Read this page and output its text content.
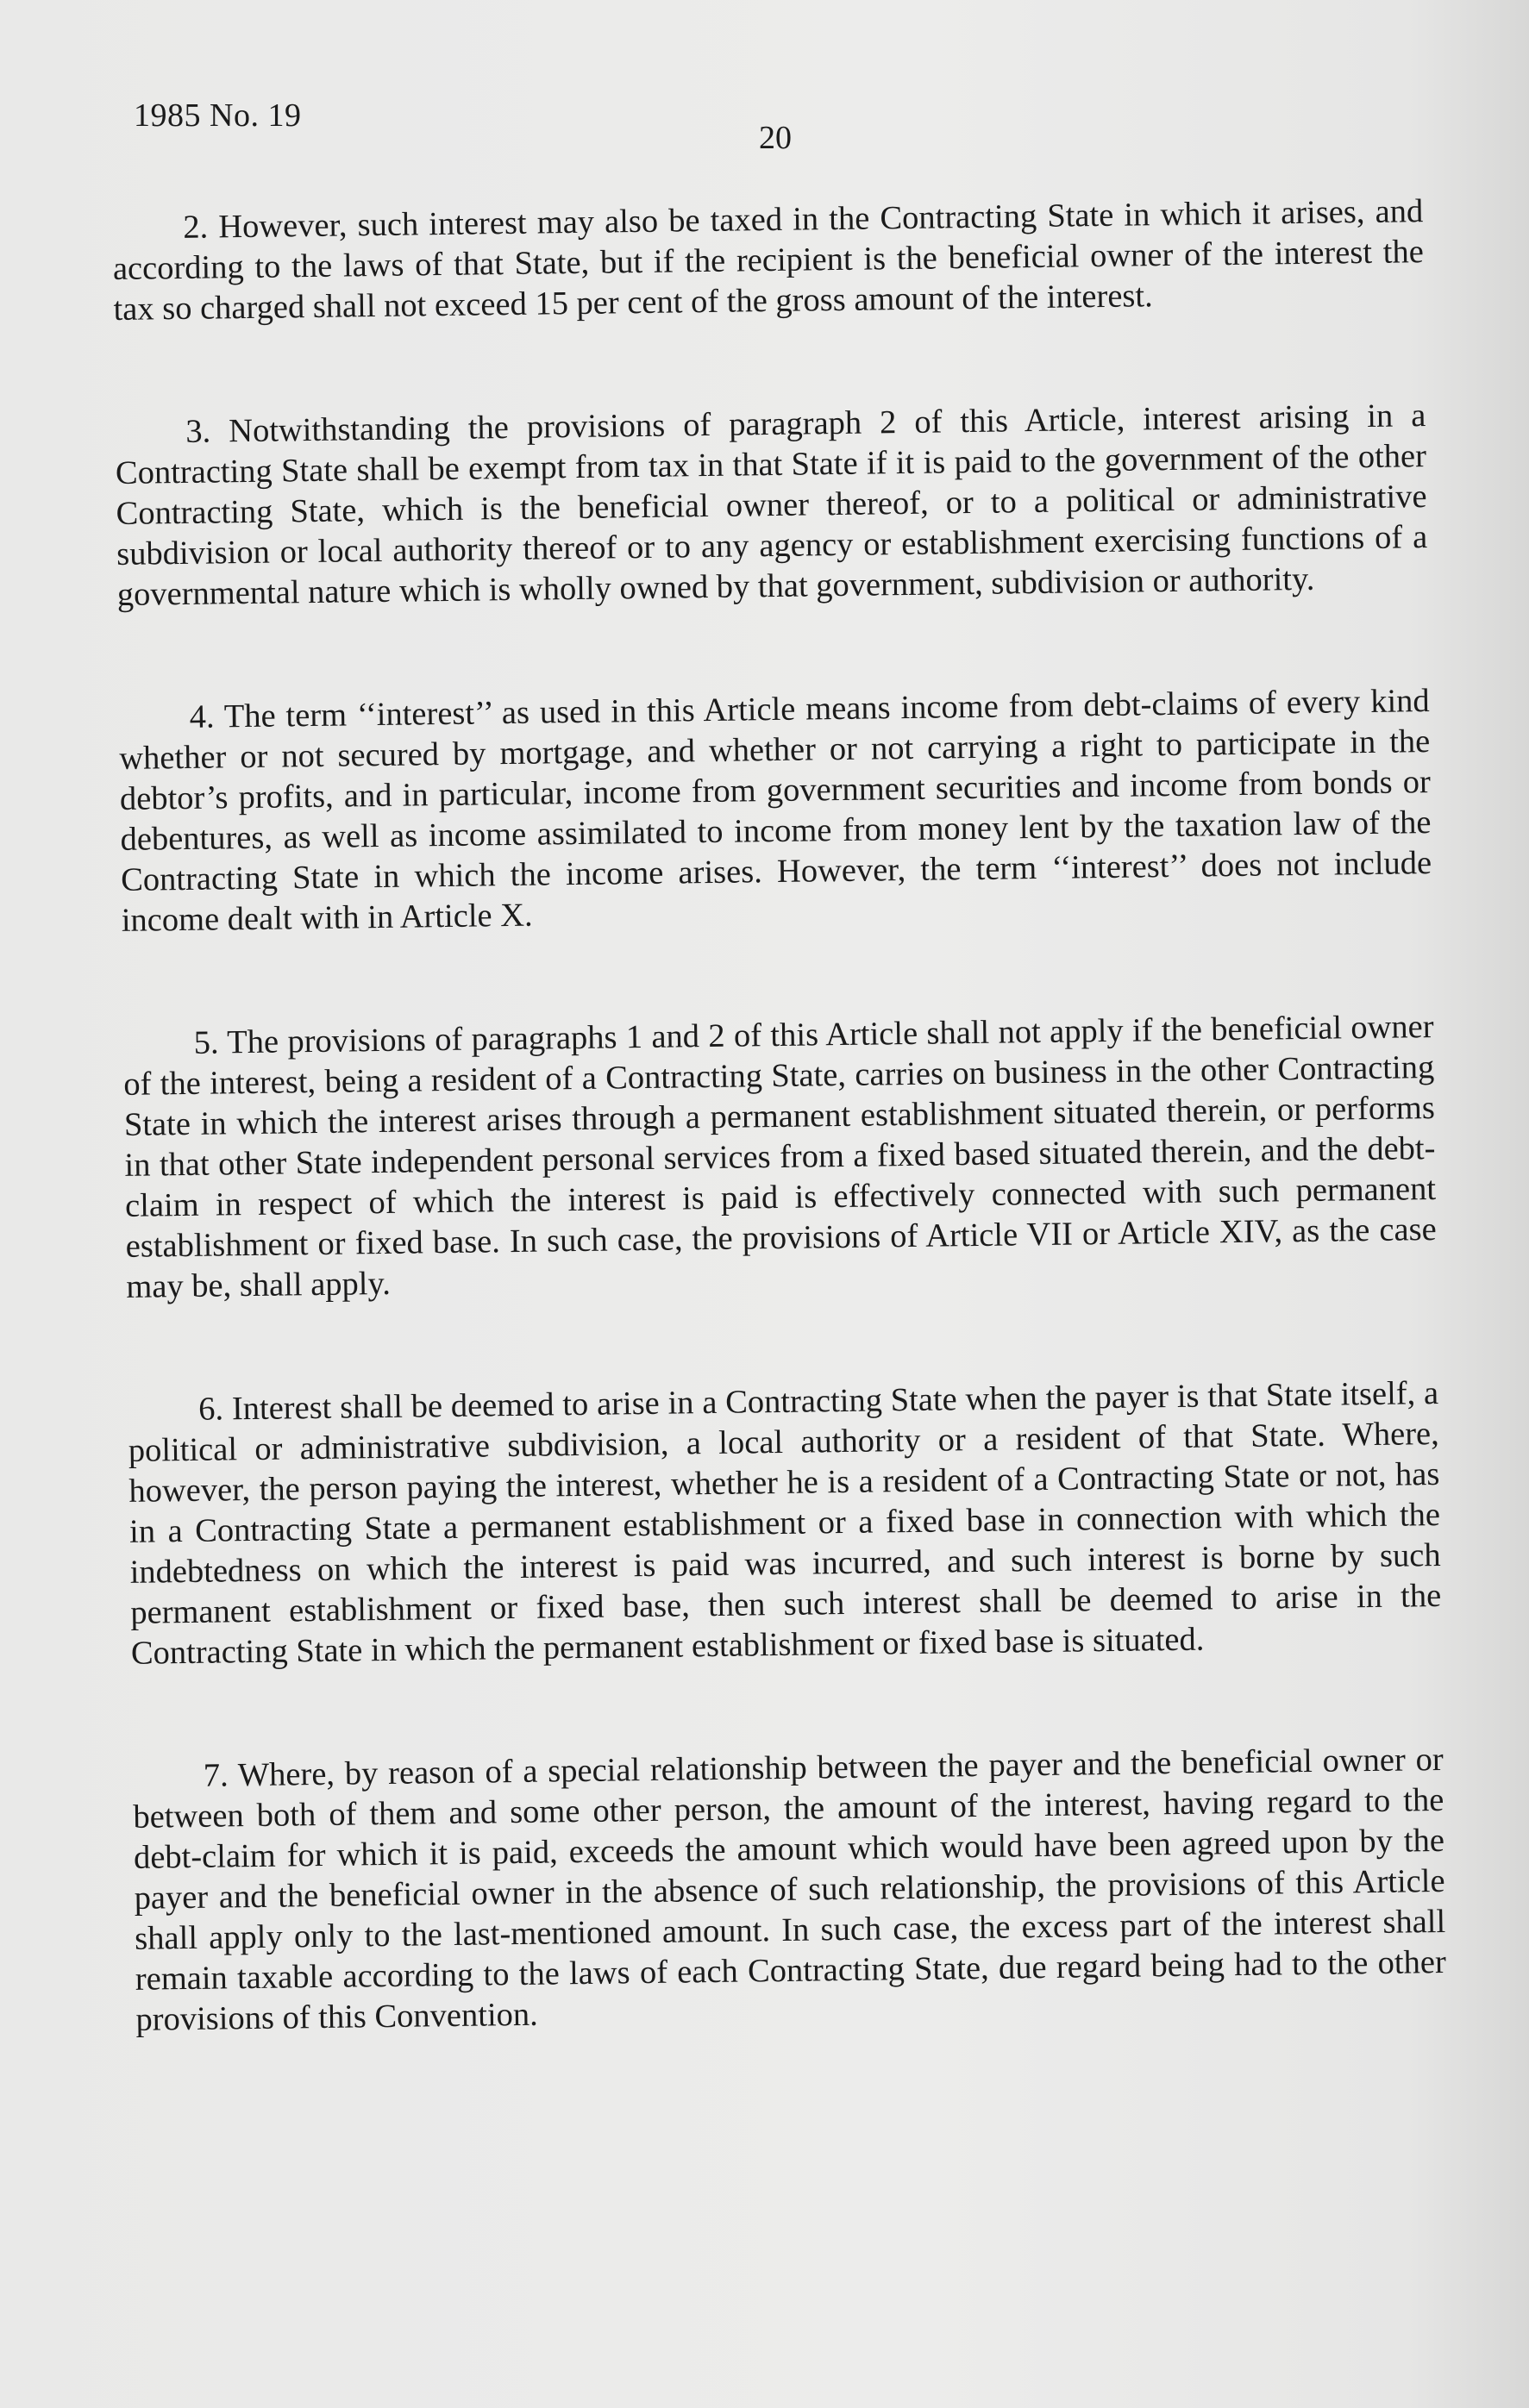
1985 No. 19
20

2. However, such interest may also be taxed in the Contracting State in which it arises, and according to the laws of that State, but if the recipient is the beneficial owner of the interest the tax so charged shall not exceed 15 per cent of the gross amount of the interest.

3. Notwithstanding the provisions of paragraph 2 of this Article, interest arising in a Contracting State shall be exempt from tax in that State if it is paid to the government of the other Contracting State, which is the beneficial owner thereof, or to a political or administrative subdivision or local authority thereof or to any agency or establishment exercising functions of a governmental nature which is wholly owned by that government, subdivision or authority.

4. The term ‘‘interest’’ as used in this Article means income from debt-claims of every kind whether or not secured by mortgage, and whether or not carrying a right to participate in the debtor’s profits, and in particular, income from government securities and income from bonds or debentures, as well as income assimilated to income from money lent by the taxation law of the Contracting State in which the income arises. However, the term ‘‘interest’’ does not include income dealt with in Article X.

5. The provisions of paragraphs 1 and 2 of this Article shall not apply if the beneficial owner of the interest, being a resident of a Contracting State, carries on business in the other Contracting State in which the interest arises through a permanent establishment situated therein, or performs in that other State independent personal services from a fixed based situated therein, and the debt-claim in respect of which the interest is paid is effectively connected with such permanent establishment or fixed base. In such case, the provisions of Article VII or Article XIV, as the case may be, shall apply.

6. Interest shall be deemed to arise in a Contracting State when the payer is that State itself, a political or administrative subdivision, a local authority or a resident of that State. Where, however, the person paying the interest, whether he is a resident of a Contracting State or not, has in a Contracting State a permanent establishment or a fixed base in connection with which the indebtedness on which the interest is paid was incurred, and such interest is borne by such permanent establishment or fixed base, then such interest shall be deemed to arise in the Contracting State in which the permanent establishment or fixed base is situated.

7. Where, by reason of a special relationship between the payer and the beneficial owner or between both of them and some other person, the amount of the interest, having regard to the debt-claim for which it is paid, exceeds the amount which would have been agreed upon by the payer and the beneficial owner in the absence of such relationship, the provisions of this Article shall apply only to the last-mentioned amount. In such case, the excess part of the interest shall remain taxable according to the laws of each Contracting State, due regard being had to the other provisions of this Convention.
